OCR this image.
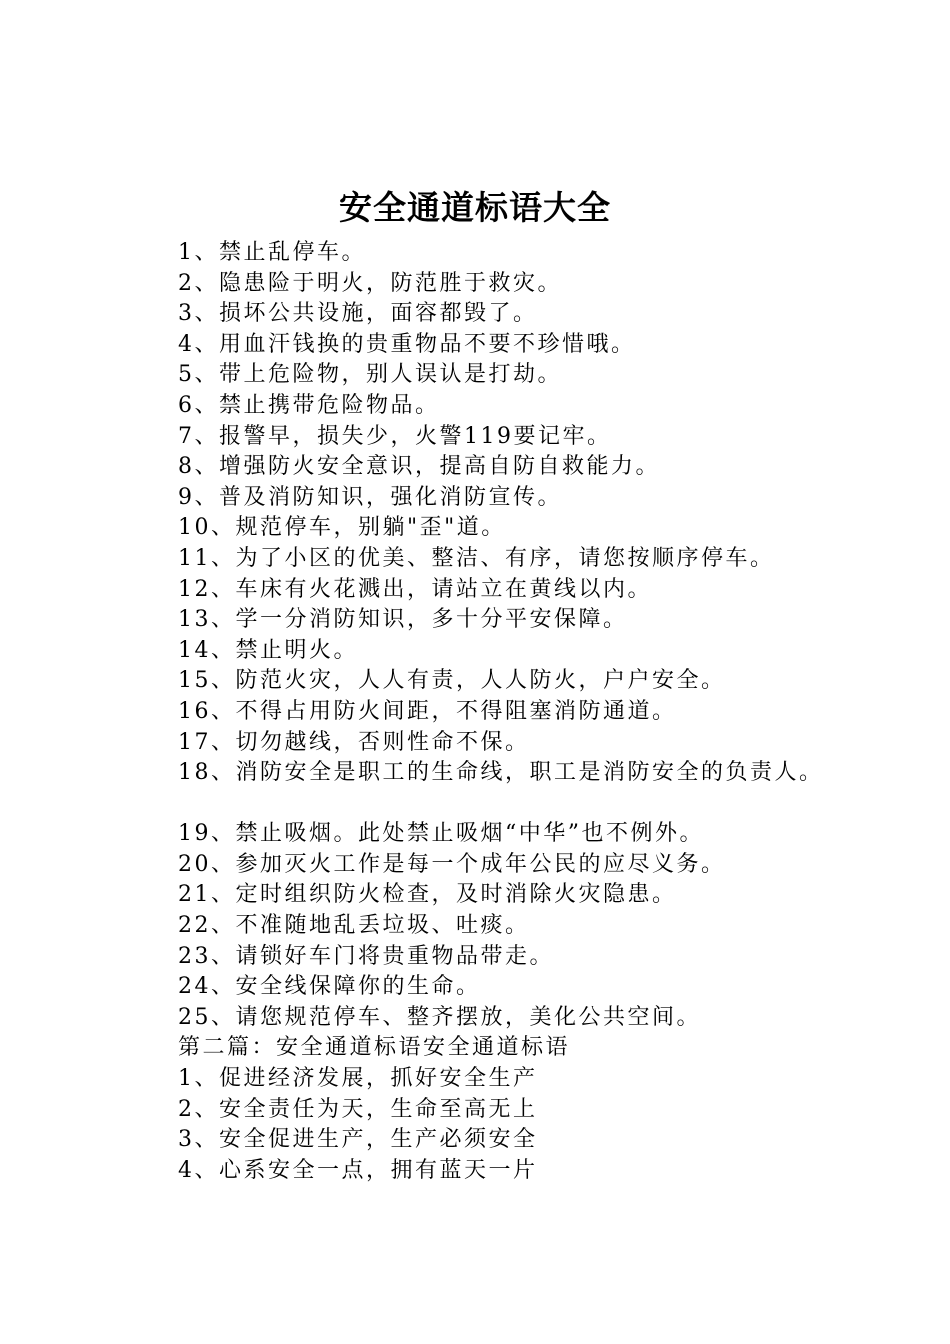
安全通道标语大全
1、禁止乱停车。
2、隐患险于明火，防范胜于救灾。
3、损坏公共设施，面容都毁了。
4、用血汗钱换的贵重物品不要不珍惜哦。
5、带上危险物，别人误认是打劫。
6、禁止携带危险物品。
7、报警早，损失少，火警119要记牢。
8、增强防火安全意识，提高自防自救能力。
9、普及消防知识，强化消防宣传。
10、规范停车，别躺"歪"道。
11、为了小区的优美、整洁、有序，请您按顺序停车。
12、车床有火花溅出，请站立在黄线以内。
13、学一分消防知识，多十分平安保障。
14、禁止明火。
15、防范火灾，人人有责，人人防火，户户安全。
16、不得占用防火间距，不得阻塞消防通道。
17、切勿越线，否则性命不保。
18、消防安全是职工的生命线，职工是消防安全的负责人。
19、禁止吸烟。此处禁止吸烟“中华”也不例外。
20、参加灭火工作是每一个成年公民的应尽义务。
21、定时组织防火检查，及时消除火灾隐患。
22、不准随地乱丢垃圾、吐痰。
23、请锁好车门将贵重物品带走。
24、安全线保障你的生命。
25、请您规范停车、整齐摆放，美化公共空间。
第二篇：安全通道标语安全通道标语
1、促进经济发展，抓好安全生产
2、安全责任为天，生命至高无上
3、安全促进生产，生产必须安全
4、心系安全一点，拥有蓝天一片
